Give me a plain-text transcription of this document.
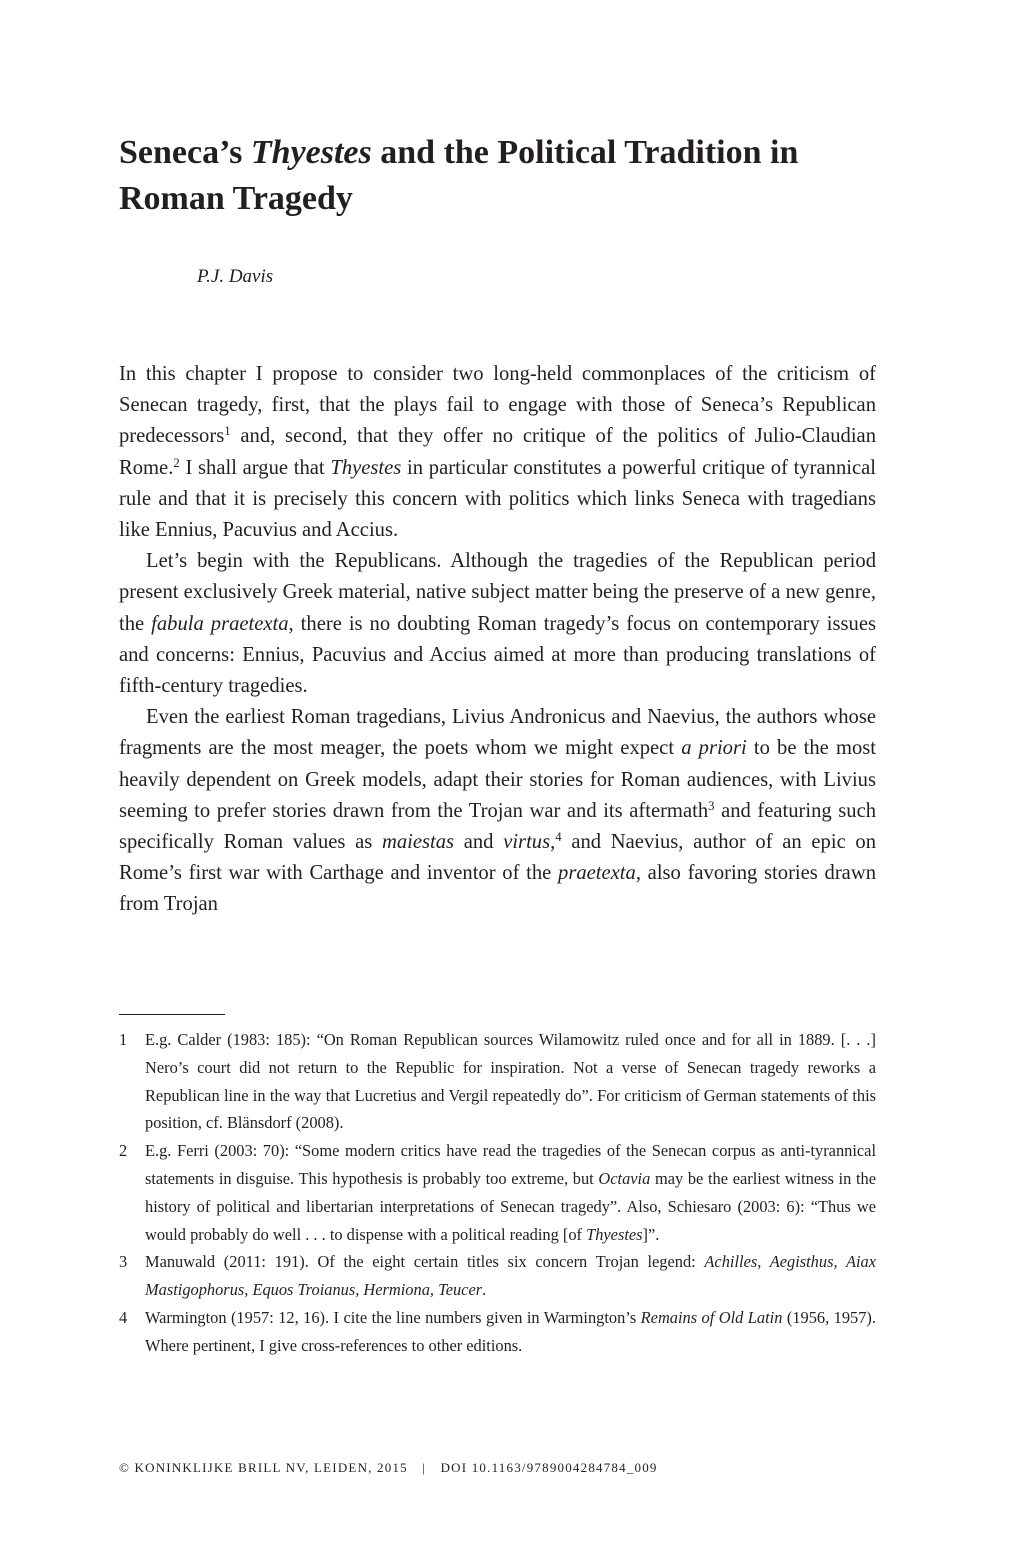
Seneca’s Thyestes and the Political Tradition in Roman Tragedy

P.J. Davis

In this chapter I propose to consider two long-held commonplaces of the criticism of Senecan tragedy, first, that the plays fail to engage with those of Seneca’s Republican predecessors$^1$ and, second, that they offer no critique of the politics of Julio-Claudian Rome.$^2$ I shall argue that Thyestes in particular constitutes a powerful critique of tyrannical rule and that it is precisely this concern with politics which links Seneca with tragedians like Ennius, Pacuvius and Accius.

Let’s begin with the Republicans. Although the tragedies of the Republican period present exclusively Greek material, native subject matter being the preserve of a new genre, the fabula praetexta, there is no doubting Roman tragedy’s focus on contemporary issues and concerns: Ennius, Pacuvius and Accius aimed at more than producing translations of fifth-century tragedies.

Even the earliest Roman tragedians, Livius Andronicus and Naevius, the authors whose fragments are the most meager, the poets whom we might expect a priori to be the most heavily dependent on Greek models, adapt their stories for Roman audiences, with Livius seeming to prefer stories drawn from the Trojan war and its aftermath$^3$ and featuring such specifically Roman values as maiestas and virtus,$^4$ and Naevius, author of an epic on Rome’s first war with Carthage and inventor of the praetexta, also favoring stories drawn from Trojan

1 E.g. Calder (1983: 185): “On Roman Republican sources Wilamowitz ruled once and for all in 1889. [. . .] Nero’s court did not return to the Republic for inspiration. Not a verse of Senecan tragedy reworks a Republican line in the way that Lucretius and Vergil repeatedly do”. For criticism of German statements of this position, cf. Blänsdorf (2008).

2 E.g. Ferri (2003: 70): “Some modern critics have read the tragedies of the Senecan corpus as anti-tyrannical statements in disguise. This hypothesis is probably too extreme, but Octavia may be the earliest witness in the history of political and libertarian interpretations of Senecan tragedy”. Also, Schiesaro (2003: 6): “Thus we would probably do well . . . to dispense with a political reading [of Thyestes]”.

3 Manuwald (2011: 191). Of the eight certain titles six concern Trojan legend: Achilles, Aegisthus, Aiax Mastigophorus, Equos Troianus, Hermiona, Teucer.

4 Warmington (1957: 12, 16). I cite the line numbers given in Warmington’s Remains of Old Latin (1956, 1957). Where pertinent, I give cross-references to other editions.

© KONINKLIJKE BRILL NV, LEIDEN, 2015 | DOI 10.1163/9789004284784_009
